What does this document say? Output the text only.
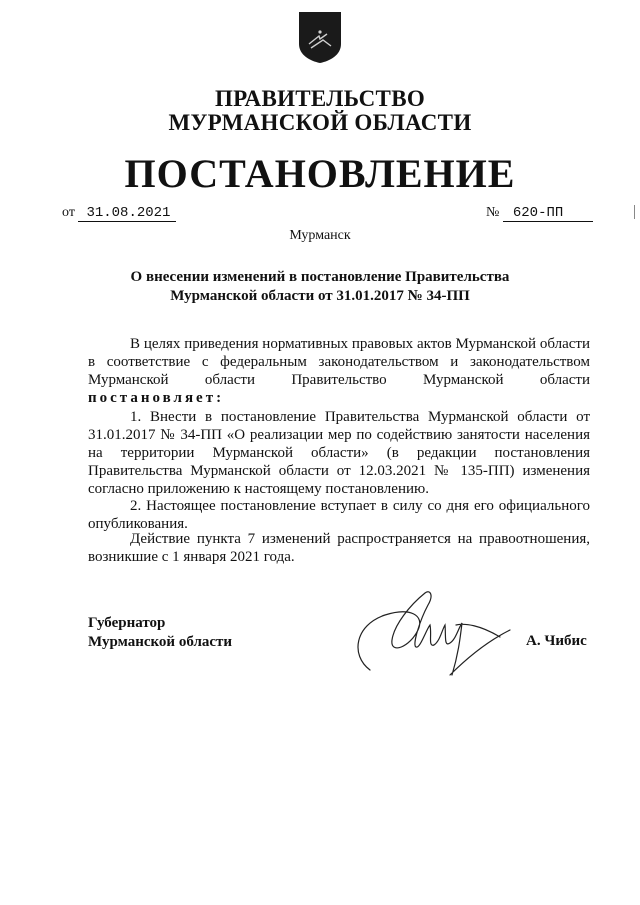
ПРАВИТЕЛЬСТВО
МУРМАНСКОЙ ОБЛАСТИ
ПОСТАНОВЛЕНИЕ
от 31.08.2021	№ 620-ПП
Мурманск
О внесении изменений в постановление Правительства
Мурманской области от 31.01.2017 № 34-ПП
В целях приведения нормативных правовых актов Мурманской области в соответствие с федеральным законодательством и законодательством Мурманской области Правительство Мурманской области постановляет:
1. Внести в постановление Правительства Мурманской области от 31.01.2017 № 34-ПП «О реализации мер по содействию занятости населения на территории Мурманской области» (в редакции постановления Правительства Мурманской области от 12.03.2021 № 135-ПП) изменения согласно приложению к настоящему постановлению.
2. Настоящее постановление вступает в силу со дня его официального опубликования.
Действие пункта 7 изменений распространяется на правоотношения, возникшие с 1 января 2021 года.
Губернатор
Мурманской области	А. Чибис
